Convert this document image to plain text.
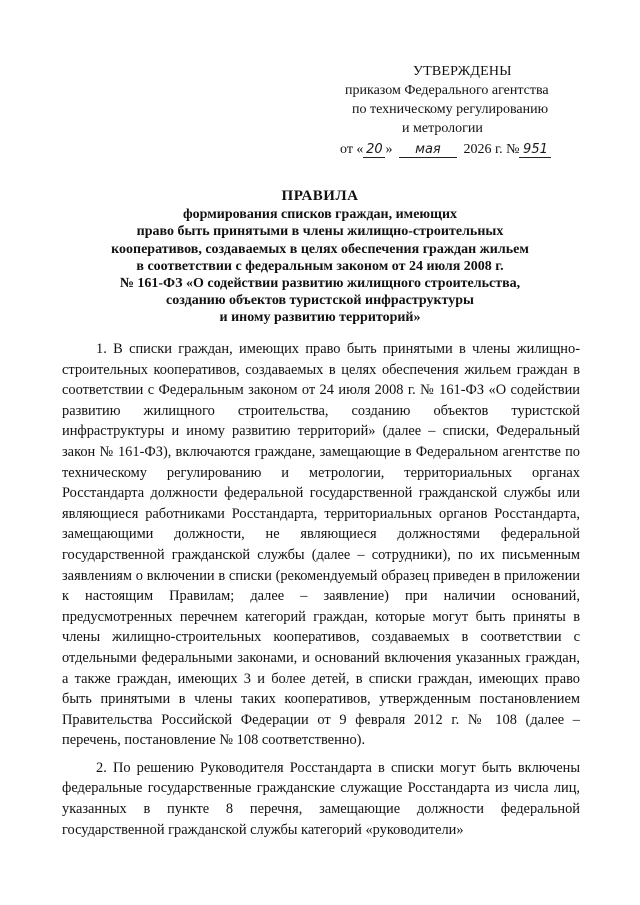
УТВЕРЖДЕНЫ
приказом Федерального агентства
по техническому регулированию
и метрологии
от « 20 » мая 2026 г. № 951
ПРАВИЛА
формирования списков граждан, имеющих
право быть принятыми в члены жилищно-строительных
кооперативов, создаваемых в целях обеспечения граждан жильем
в соответствии с федеральным законом от 24 июля 2008 г.
№ 161-ФЗ «О содействии развитию жилищного строительства,
созданию объектов туристской инфраструктуры
и иному развитию территорий»

1. В списки граждан, имеющих право быть принятыми в члены жилищно-строительных кооперативов, создаваемых в целях обеспечения жильем граждан в соответствии с Федеральным законом от 24 июля 2008 г. № 161-ФЗ «О содействии развитию жилищного строительства, созданию объектов туристской инфраструктуры и иному развитию территорий» (далее – списки, Федеральный закон № 161-ФЗ), включаются граждане, замещающие в Федеральном агентстве по техническому регулированию и метрологии, территориальных органах Росстандарта должности федеральной государственной гражданской службы или являющиеся работниками Росстандарта, территориальных органов Росстандарта, замещающими должности, не являющиеся должностями федеральной государственной гражданской службы (далее – сотрудники), по их письменным заявлениям о включении в списки (рекомендуемый образец приведен в приложении к настоящим Правилам; далее – заявление) при наличии оснований, предусмотренных перечнем категорий граждан, которые могут быть приняты в члены жилищно-строительных кооперативов, создаваемых в соответствии с отдельными федеральными законами, и оснований включения указанных граждан, а также граждан, имеющих 3 и более детей, в списки граждан, имеющих право быть принятыми в члены таких кооперативов, утвержденным постановлением Правительства Российской Федерации от 9 февраля 2012 г. № 108 (далее – перечень, постановление № 108 соответственно).

2. По решению Руководителя Росстандарта в списки могут быть включены федеральные государственные гражданские служащие Росстандарта из числа лиц, указанных в пункте 8 перечня, замещающие должности федеральной государственной гражданской службы категорий «руководители»
